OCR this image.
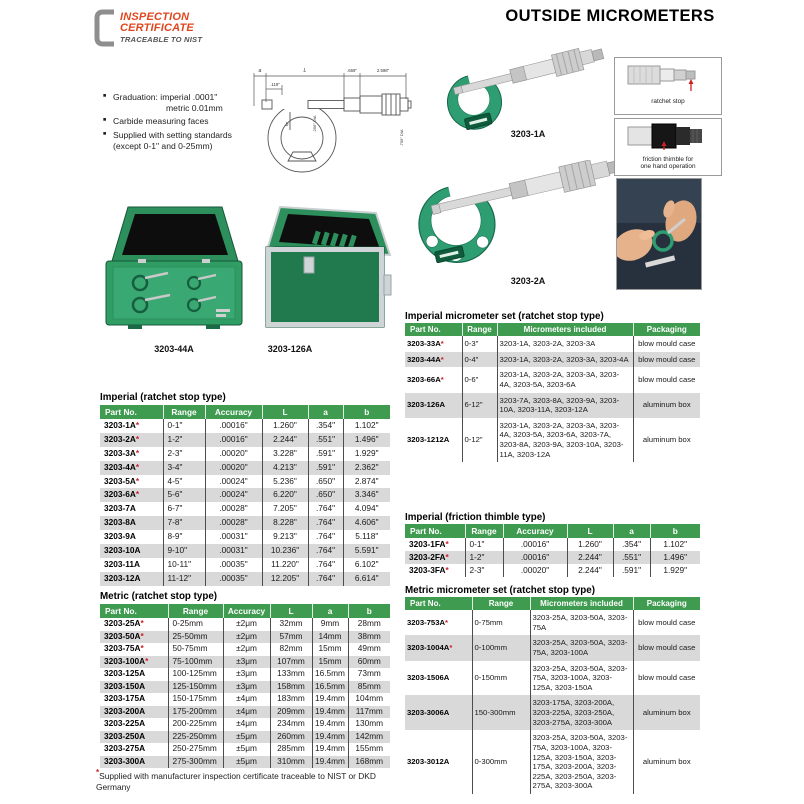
OUTSIDE MICROMETERS
INSPECTION
CERTIFICATE
TRACEABLE TO NIST
■ Graduation: imperial .0001"
metric 0.01mm
■ Carbide measuring faces
■ Supplied with setting standards
(except 0-1" and 0-25mm)
a	L	.669"	2.598"
.118"
b	.256" DIA
.709" DIA	3203-1A
3203-2A
3203-44A	3203-126A
ratchet stop
friction thimble for
one hand operation
Imperial (ratchet stop type)
Part No.	Range	Accuracy	L	a	b
3203-1A*	0-1"	.00016"	1.260"	.354"	1.102"
3203-2A*	1-2"	.00016"	2.244"	.551"	1.496"
3203-3A*	2-3"	.00020"	3.228"	.591"	1.929"
3203-4A*	3-4"	.00020"	4.213"	.591"	2.362"
3203-5A*	4-5"	.00024"	5.236"	.650"	2.874"
3203-6A*	5-6"	.00024"	6.220"	.650"	3.346"
3203-7A	6-7"	.00028"	7.205"	.764"	4.094"
3203-8A	7-8"	.00028"	8.228"	.764"	4.606"
3203-9A	8-9"	.00031"	9.213"	.764"	5.118"
3203-10A	9-10"	.00031"	10.236"	.764"	5.591"
3203-11A	10-11"	.00035"	11.220"	.764"	6.102"
3203-12A	11-12"	.00035"	12.205"	.764"	6.614"
Metric (ratchet stop type)
Part No.	Range	Accuracy	L	a	b
3203-25A*	0-25mm	±2μm	32mm	9mm	28mm
3203-50A*	25-50mm	±2μm	57mm	14mm	38mm
3203-75A*	50-75mm	±2μm	82mm	15mm	49mm
3203-100A*	75-100mm	±3μm	107mm	15mm	60mm
3203-125A	100-125mm	±3μm	133mm	16.5mm	73mm
3203-150A	125-150mm	±3μm	158mm	16.5mm	85mm
3203-175A	150-175mm	±4μm	183mm	19.4mm	104mm
3203-200A	175-200mm	±4μm	209mm	19.4mm	117mm
3203-225A	200-225mm	±4μm	234mm	19.4mm	130mm
3203-250A	225-250mm	±5μm	260mm	19.4mm	142mm
3203-275A	250-275mm	±5μm	285mm	19.4mm	155mm
3203-300A	275-300mm	±5μm	310mm	19.4mm	168mm
*Supplied with manufacturer inspection certificate traceable to NIST or DKD Germany
Imperial micrometer set (ratchet stop type)
Part No.	Range	Micrometers included	Packaging
3203-33A*	0-3"	3203-1A, 3203-2A, 3203-3A	blow mould case
3203-44A*	0-4"	3203-1A, 3203-2A, 3203-3A, 3203-4A	blow mould case
3203-66A*	0-6"	3203-1A, 3203-2A, 3203-3A, 3203-4A, 3203-5A, 3203-6A	blow mould case
3203-126A	6-12"	3203-7A, 3203-8A, 3203-9A, 3203-10A, 3203-11A, 3203-12A	aluminum box
3203-1212A	0-12"	3203-1A, 3203-2A, 3203-3A, 3203-4A, 3203-5A, 3203-6A, 3203-7A, 3203-8A, 3203-9A, 3203-10A, 3203-11A, 3203-12A	aluminum box
Imperial (friction thimble type)
Part No.	Range	Accuracy	L	a	b
3203-1FA*	0-1"	.00016"	1.260"	.354"	1.102"
3203-2FA*	1-2"	.00016"	2.244"	.551"	1.496"
3203-3FA*	2-3"	.00020"	2.244"	.591"	1.929"
Metric micrometer set (ratchet stop type)
Part No.	Range	Micrometers included	Packaging
3203-753A*	0-75mm	3203-25A, 3203-50A, 3203-75A	blow mould case
3203-1004A*	0-100mm	3203-25A, 3203-50A, 3203-75A, 3203-100A	blow mould case
3203-1506A	0-150mm	3203-25A, 3203-50A, 3203-75A, 3203-100A, 3203-125A, 3203-150A	blow mould case
3203-3006A	150-300mm	3203-175A, 3203-200A, 3203-225A, 3203-250A, 3203-275A, 3203-300A	aluminum box
3203-3012A	0-300mm	3203-25A, 3203-50A, 3203-75A, 3203-100A, 3203-125A, 3203-150A, 3203-175A, 3203-200A, 3203-225A, 3203-250A, 3203-275A, 3203-300A	aluminum box
